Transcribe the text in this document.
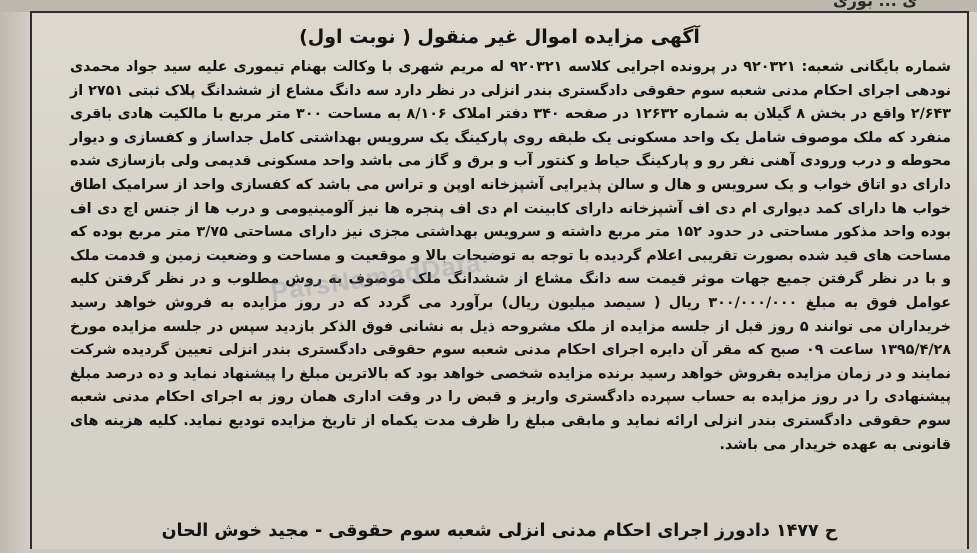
ی ... بوری
آگهی مزایده اموال غیر منقول ( نوبت اول)
شماره بایگانی شعبه: ۹۲۰۳۲۱ در پرونده اجرایی کلاسه ۹۲۰۳۲۱ له مریم شهری با وکالت بهنام تیموری علیه سید جواد محمدی نودهی اجرای احکام مدنی شعبه سوم حقوقی دادگستری بندر انزلی در نظر دارد سه دانگ مشاع از ششدانگ پلاک ثبتی ۲۷۵۱ از ۲/۶۴۳ واقع در بخش ۸ گیلان به شماره ۱۲۶۳۲ در صفحه ۳۴۰ دفتر املاک ۸/۱۰۶ به مساحت ۳۰۰ متر مربع با مالکیت هادی باقری منفرد که ملک موصوف شامل یک واحد مسکونی یک طبقه روی پارکینگ یک سرویس بهداشتی کامل جداساز و کفسازی و دیوار محوطه و درب ورودی آهنی نفر رو و پارکینگ حیاط و کنتور آب و برق و گاز می باشد واحد مسکونی قدیمی ولی بازسازی شده دارای دو اتاق خواب و یک سرویس و هال و سالن پذیرایی آشپزخانه اوپن و تراس می باشد که کفسازی واحد از سرامیک اطاق خواب ها دارای کمد دیواری ام دی اف آشپزخانه دارای کابینت ام دی اف پنجره ها نیز آلومینیومی و درب ها از جنس اچ دی اف بوده واحد مذکور مساحتی در حدود ۱۵۲ متر مربع داشته و سرویس بهداشتی مجزی نیز دارای مساحتی ۳/۷۵ متر مربع بوده که مساحت های قید شده بصورت تقریبی اعلام گردیده با توجه به توضیحات بالا و موقعیت و مساحت و وضعیت زمین و قدمت ملک و با در نظر گرفتن جمیع جهات موثر قیمت سه دانگ مشاع از ششدانگ ملک موصوف به روش مطلوب و در نظر گرفتن کلیه عوامل فوق به مبلغ ۳۰۰/۰۰۰/۰۰۰ ریال ( سیصد میلیون ریال) برآورد می گردد که در روز مزایده به فروش خواهد رسید خریداران می توانند ۵ روز قبل از جلسه مزایده از ملک مشروحه ذیل به نشانی فوق الذکر بازدید سپس در جلسه مزایده مورخ ۱۳۹۵/۴/۲۸ ساعت ۰۹ صبح که مقر آن دایره اجرای احکام مدنی شعبه سوم حقوقی دادگستری بندر انزلی تعیین گردیده شرکت نمایند و در زمان مزایده بفروش خواهد رسید برنده مزایده شخصی خواهد بود که بالاترین مبلغ را پیشنهاد نماید و ده درصد مبلغ پیشنهادی را در روز مزایده به حساب سپرده دادگستری واریز و قبض را در وقت اداری همان روز به اجرای احکام مدنی شعبه سوم حقوقی دادگستری بندر انزلی ارائه نماید و مابقی مبلغ را ظرف مدت یکماه از تاریخ مزایده تودیع نماید. کلیه هزینه های قانونی به عهده خریدار می باشد.
ح ۱۴۷۷ دادورز اجرای احکام مدنی انزلی شعبه سوم حقوقی - مجید خوش الحان
ParsNamadData
